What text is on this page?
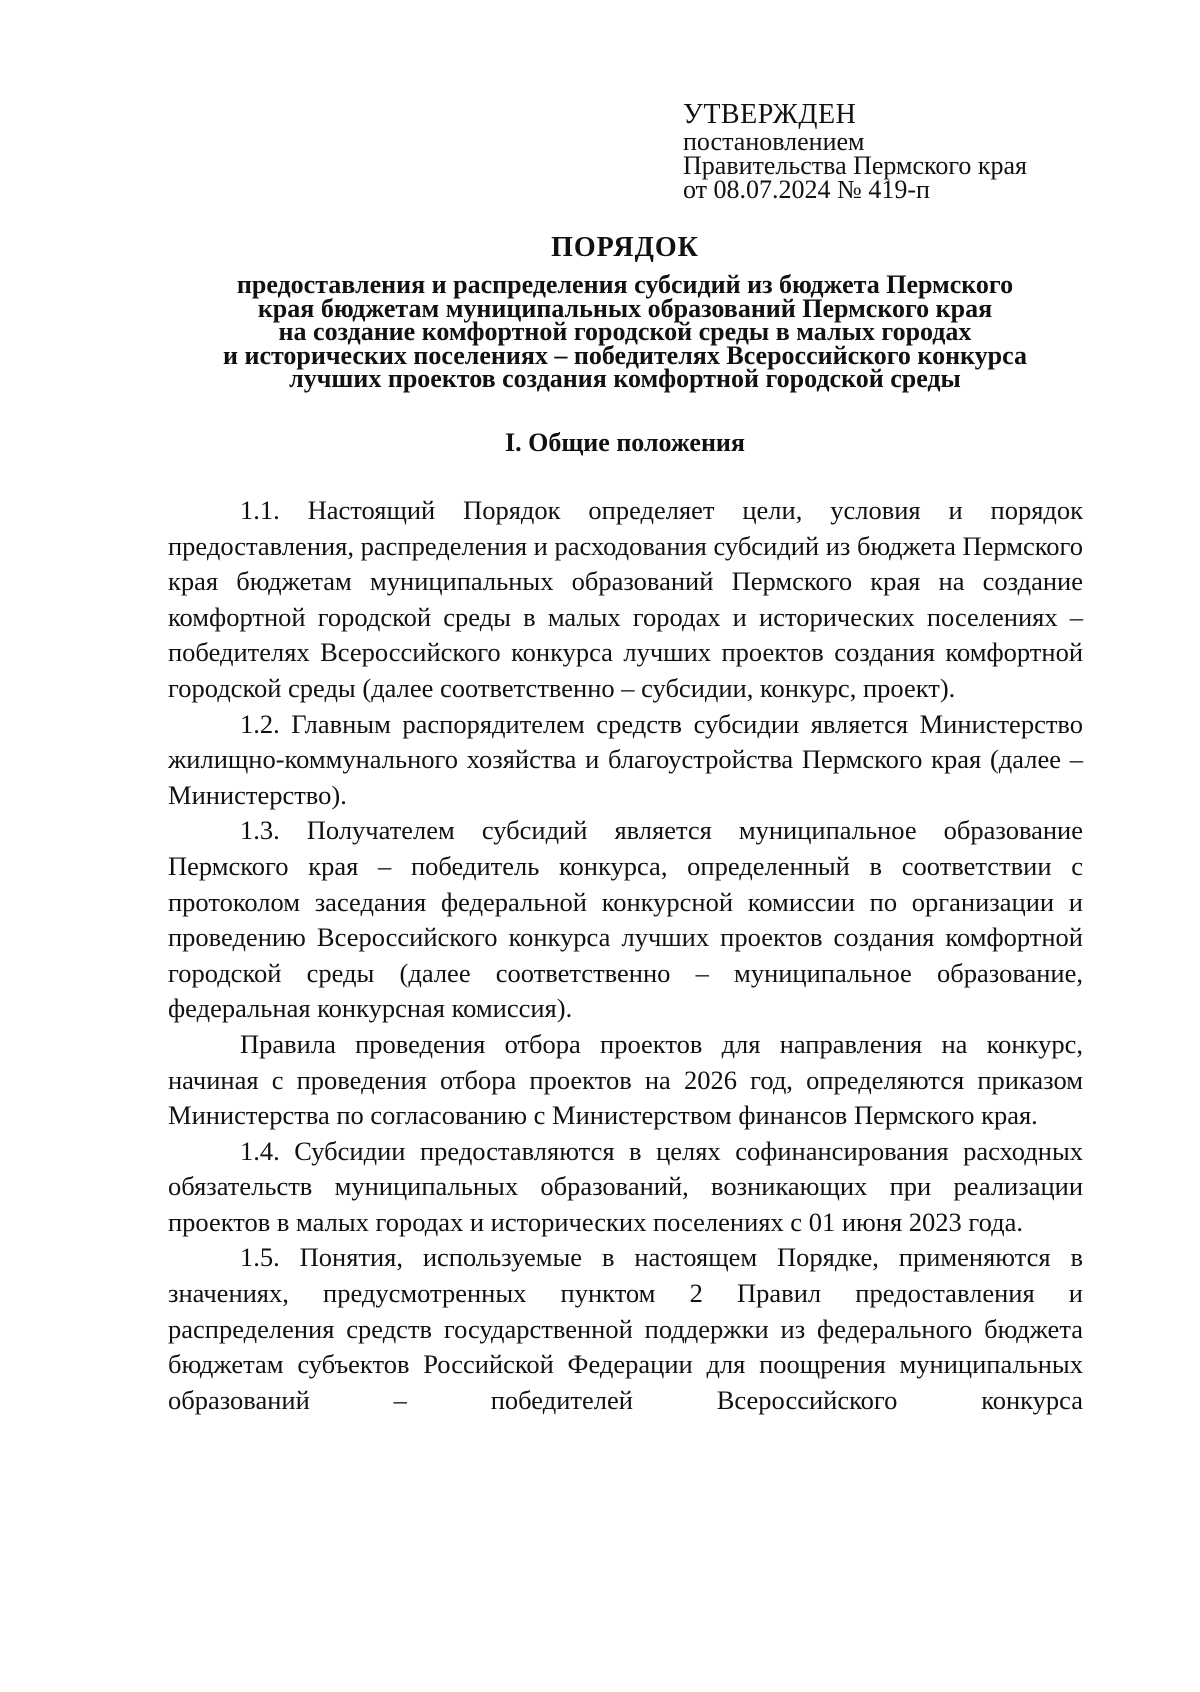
УТВЕРЖДЕН
постановлением
Правительства Пермского края
от 08.07.2024 № 419-п
ПОРЯДОК
предоставления и распределения субсидий из бюджета Пермского
края бюджетам муниципальных образований Пермского края
на создание комфортной городской среды в малых городах
и исторических поселениях – победителях Всероссийского конкурса
лучших проектов создания комфортной городской среды
I. Общие положения

1.1. Настоящий Порядок определяет цели, условия и порядок предоставления, распределения и расходования субсидий из бюджета Пермского края бюджетам муниципальных образований Пермского края на создание комфортной городской среды в малых городах и исторических поселениях – победителях Всероссийского конкурса лучших проектов создания комфортной городской среды (далее соответственно – субсидии, конкурс, проект).

1.2. Главным распорядителем средств субсидии является Министерство жилищно-коммунального хозяйства и благоустройства Пермского края (далее – Министерство).

1.3. Получателем субсидий является муниципальное образование Пермского края – победитель конкурса, определенный в соответствии с протоколом заседания федеральной конкурсной комиссии по организации и проведению Всероссийского конкурса лучших проектов создания комфортной городской среды (далее соответственно – муниципальное образование, федеральная конкурсная комиссия).

Правила проведения отбора проектов для направления на конкурс, начиная с проведения отбора проектов на 2026 год, определяются приказом Министерства по согласованию с Министерством финансов Пермского края.

1.4. Субсидии предоставляются в целях софинансирования расходных обязательств муниципальных образований, возникающих при реализации проектов в малых городах и исторических поселениях с 01 июня 2023 года.

1.5. Понятия, используемые в настоящем Порядке, применяются в значениях, предусмотренных пунктом 2 Правил предоставления и распределения средств государственной поддержки из федерального бюджета бюджетам субъектов Российской Федерации для поощрения муниципальных образований – победителей Всероссийского конкурса
